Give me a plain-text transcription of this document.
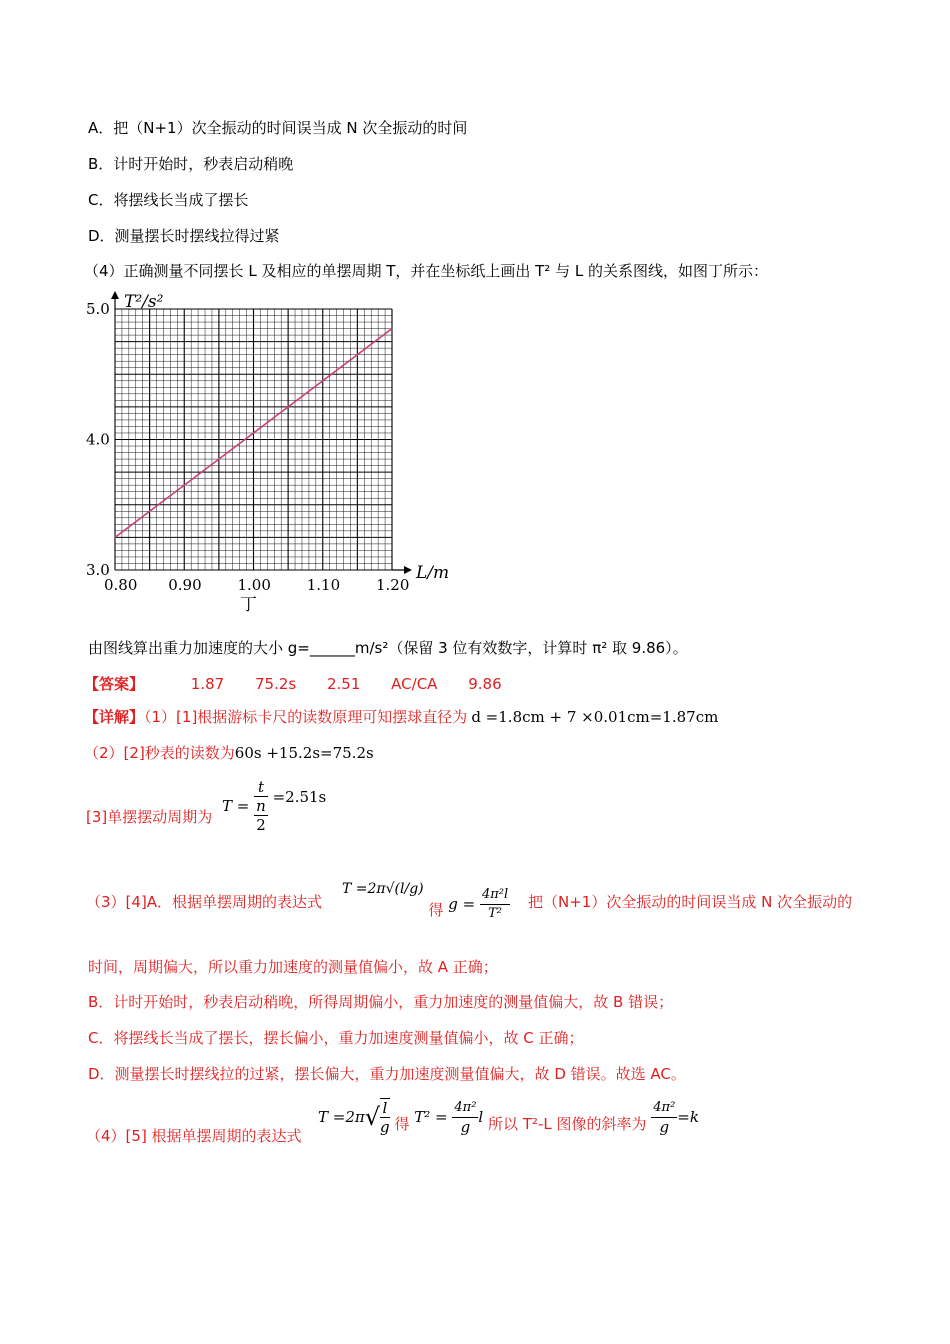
A．把（N+1）次全振动的时间误当成 N 次全振动的时间
B．计时开始时，秒表启动稍晚
C．将摆线长当成了摆长
D．测量摆长时摆线拉得过紧
（4）正确测量不同摆长 L 及相应的单摆周期 T，并在坐标纸上画出 T² 与 L 的关系图线，如图丁所示：
0.80 0.90 1.00 1.10 1.20
3.0
4.0
5.0 T²/s²
L/m
丁
由图线算出重力加速度的大小 g=______m/s²（保留 3 位有效数字，计算时 π² 取 9.86）。
【答案】	1.87 75.2s 2.51 AC/CA 9.86
【详解】（1）[1]根据游标卡尺的读数原理可知摆球直径为 d =1.8cm + 7 ×0.01cm=1.87cm
（2）[2]秒表的读数为60s +15.2s=75.2s
[3]单摆摆动周期为
$T = \frac{t}{\frac{n}{2}} =2.51s$
（3）[4]A．根据单摆周期的表达式
T =2π√(l/g) 得 $g = \frac{\text{4π²l}}{\text{T²}}$ 把（N+1）次全振动的时间误当成 N 次全振动的
时间，周期偏大，所以重力加速度的测量值偏小，故 A 正确；
B．计时开始时，秒表启动稍晚，所得周期偏小，重力加速度的测量值偏大，故 B 错误；
C．将摆线长当成了摆长，摆长偏小，重力加速度测量值偏小，故 C 正确；
D．测量摆长时摆线拉的过紧，摆长偏大，重力加速度测量值偏大，故 D 错误。故选 AC。
（4）[5] 根据单摆周期的表达式
$T =2\pi√ \frac{l}{g}$ 得 $T^2 = \frac{\text{4π²}}{g}$ l 所以 T²-L 图像的斜率为 $\frac{\text{4π²}}{g} =k$
